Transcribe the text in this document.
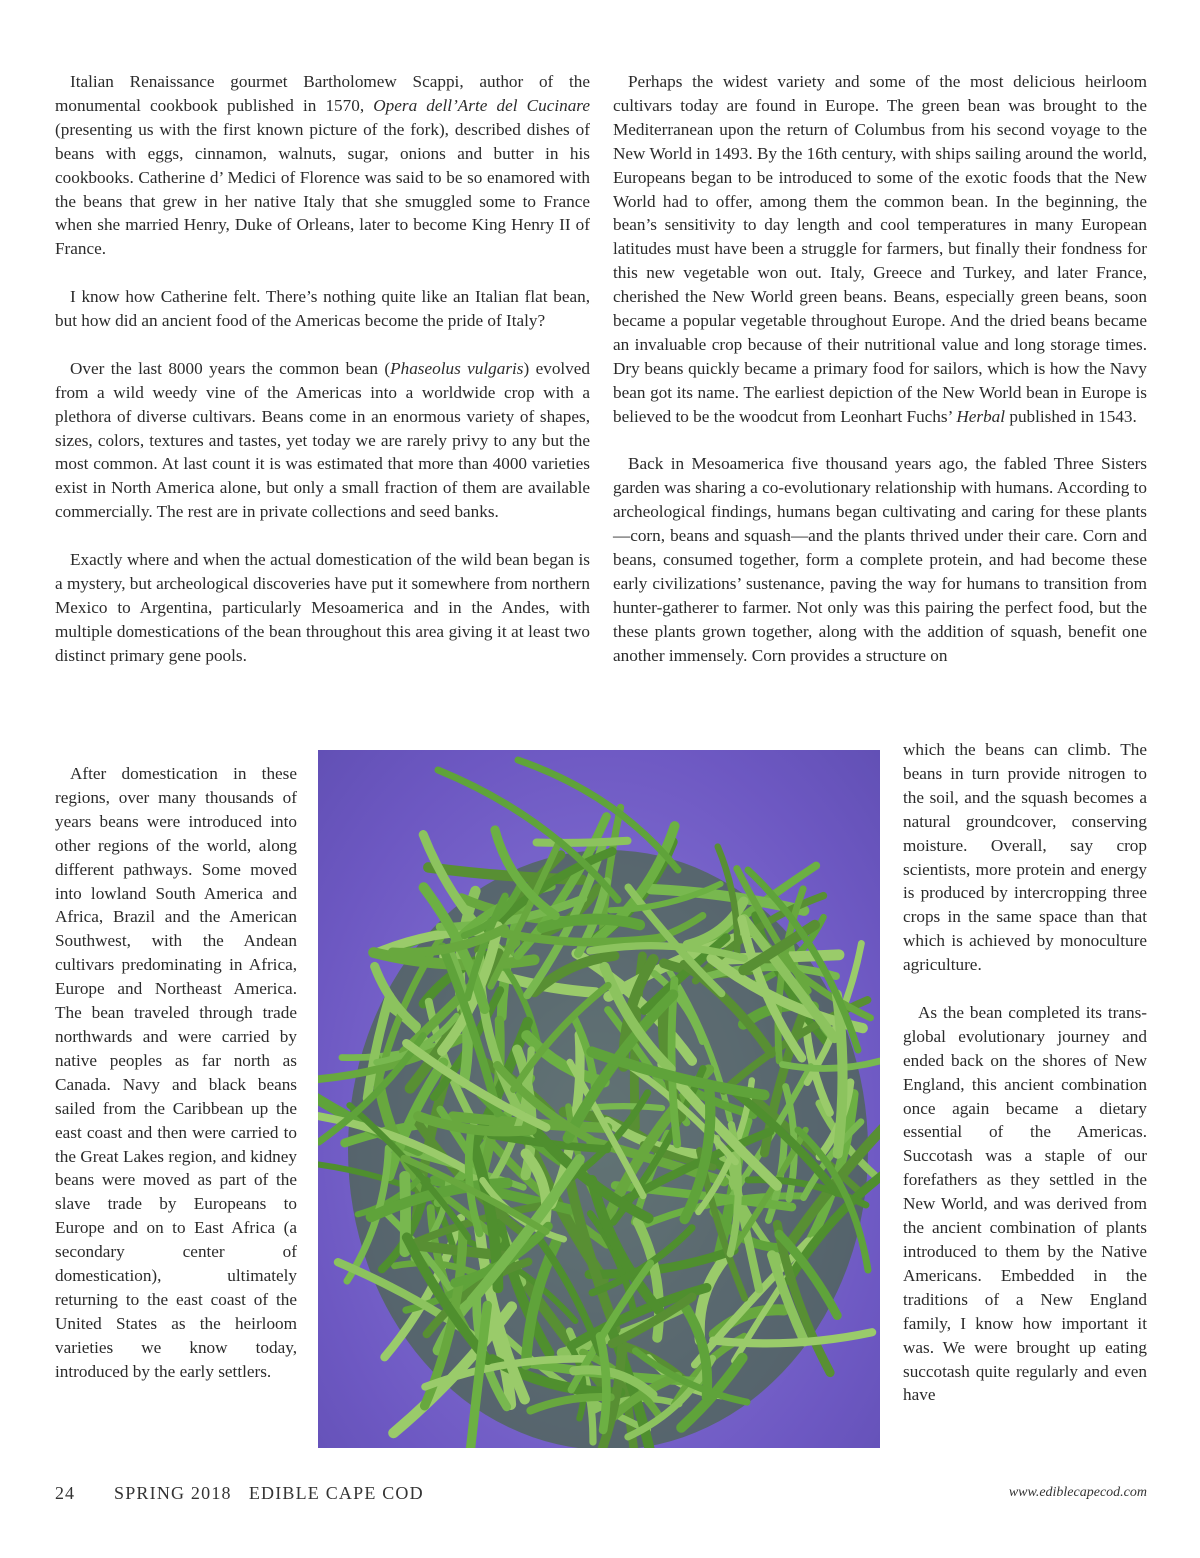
Italian Renaissance gourmet Bartholomew Scappi, author of the monumental cookbook published in 1570, Opera dell’Arte del Cucinare (presenting us with the first known picture of the fork), described dishes of beans with eggs, cinnamon, walnuts, sugar, onions and butter in his cookbooks. Catherine d’ Medici of Florence was said to be so enamored with the beans that grew in her native Italy that she smuggled some to France when she married Henry, Duke of Orleans, later to become King Henry II of France.

I know how Catherine felt. There’s nothing quite like an Italian flat bean, but how did an ancient food of the Americas become the pride of Italy?

Over the last 8000 years the common bean (Phaseolus vulgaris) evolved from a wild weedy vine of the Americas into a worldwide crop with a plethora of diverse cultivars. Beans come in an enormous variety of shapes, sizes, colors, textures and tastes, yet today we are rarely privy to any but the most common. At last count it is was estimated that more than 4000 varieties exist in North America alone, but only a small fraction of them are available commercially. The rest are in private collections and seed banks.

Exactly where and when the actual domestication of the wild bean began is a mystery, but archeological discoveries have put it somewhere from northern Mexico to Argentina, particularly Mesoamerica and in the Andes, with multiple domestications of the bean throughout this area giving it at least two distinct primary gene pools.

Perhaps the widest variety and some of the most delicious heirloom cultivars today are found in Europe. The green bean was brought to the Mediterranean upon the return of Columbus from his second voyage to the New World in 1493. By the 16th century, with ships sailing around the world, Europeans began to be introduced to some of the exotic foods that the New World had to offer, among them the common bean. In the beginning, the bean’s sensitivity to day length and cool temperatures in many European latitudes must have been a struggle for farmers, but finally their fondness for this new vegetable won out. Italy, Greece and Turkey, and later France, cherished the New World green beans. Beans, especially green beans, soon became a popular vegetable throughout Europe. And the dried beans became an invaluable crop because of their nutritional value and long storage times. Dry beans quickly became a primary food for sailors, which is how the Navy bean got its name. The earliest depiction of the New World bean in Europe is believed to be the woodcut from Leonhart Fuchs’ Herbal published in 1543.

Back in Mesoamerica five thousand years ago, the fabled Three Sisters garden was sharing a co-evolutionary relationship with humans. According to archeological findings, humans began cultivating and caring for these plants—corn, beans and squash—and the plants thrived under their care. Corn and beans, consumed together, form a complete protein, and had become these early civilizations’ sustenance, paving the way for humans to transition from hunter-gatherer to farmer. Not only was this pairing the perfect food, but the these plants grown together, along with the addition of squash, benefit one another immensely. Corn provides a structure on

After domestication in these regions, over many thousands of years beans were introduced into other regions of the world, along different pathways. Some moved into lowland South America and Africa, Brazil and the American Southwest, with the Andean cultivars predominating in Africa, Europe and Northeast America. The bean traveled through trade northwards and were carried by native peoples as far north as Canada. Navy and black beans sailed from the Caribbean up the east coast and then were carried to the Great Lakes region, and kidney beans were moved as part of the slave trade by Europeans to Europe and on to East Africa (a secondary center of domestication), ultimately returning to the east coast of the United States as the heirloom varieties we know today, introduced by the early settlers.

which the beans can climb. The beans in turn provide nitrogen to the soil, and the squash becomes a natural groundcover, conserving moisture. Overall, say crop scientists, more protein and energy is produced by intercropping three crops in the same space than that which is achieved by monoculture agriculture.

As the bean completed its trans-global evolutionary journey and ended back on the shores of New England, this ancient combination once again became a dietary essential of the Americas. Succotash was a staple of our forefathers as they settled in the New World, and was derived from the ancient combination of plants introduced to them by the Native Americans. Embedded in the traditions of a New England family, I know how important it was. We were brought up eating succotash quite regularly and even have

24 SPRING 2018   EDIBLE CAPE COD	www.ediblecapecod.com
